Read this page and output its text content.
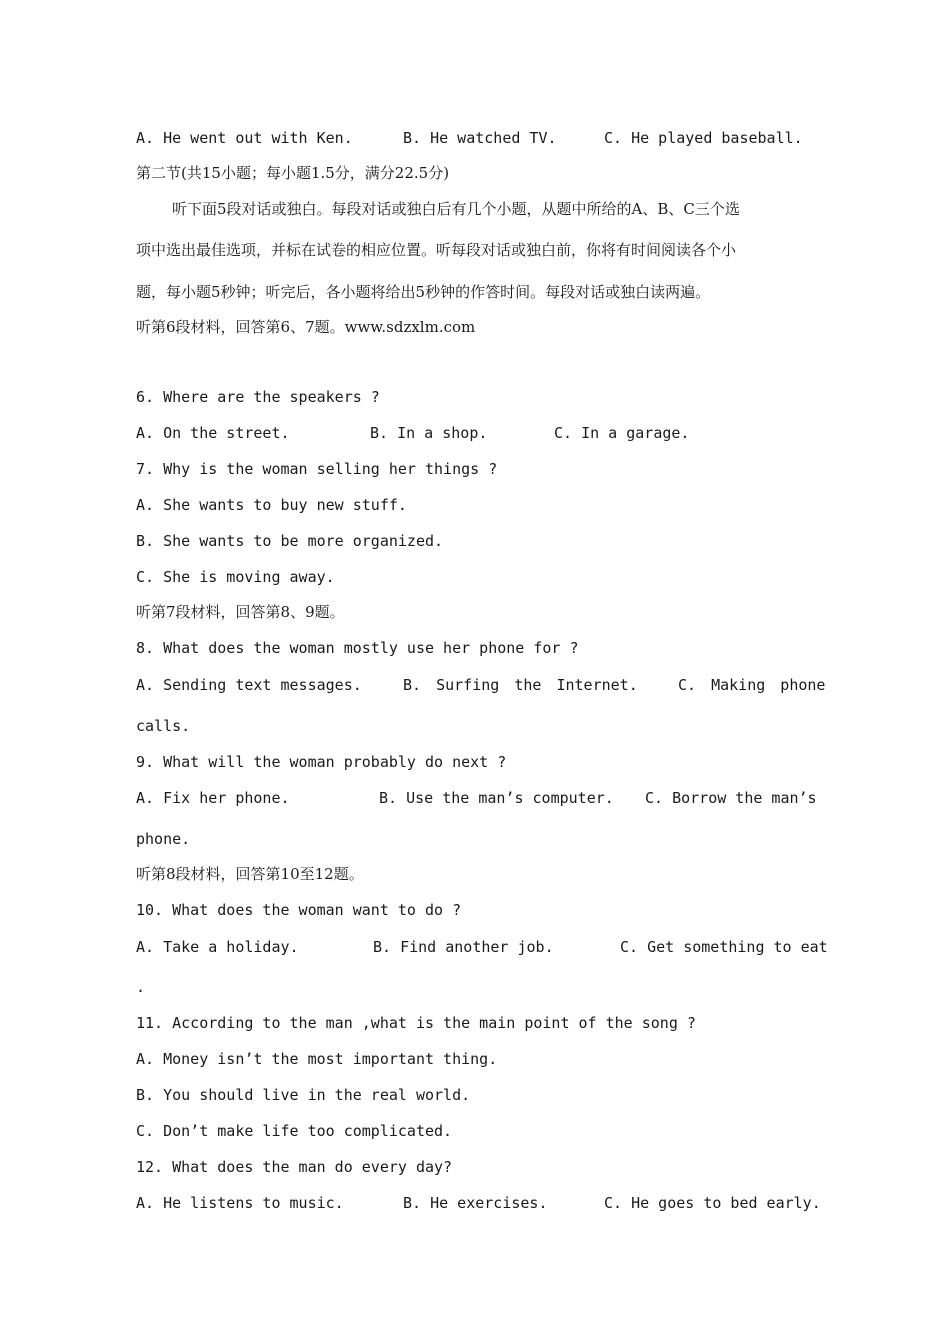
A. He went out with Ken.	B. He watched TV.	C. He played baseball.
第二节(共15小题；每小题1.5分，满分22.5分)
听下面5段对话或独白。每段对话或独白后有几个小题，从题中所给的A、B、C三个选
项中选出最佳选项，并标在试卷的相应位置。听每段对话或独白前，你将有时间阅读各个小
题，每小题5秒钟；听完后，各小题将给出5秒钟的作答时间。每段对话或独白读两遍。
听第6段材料，回答第6、7题。www.sdzxlm.com
6. Where are the speakers ?
A. On the street.	B. In a shop.	C. In a garage.
7. Why is the woman selling her things ?
A. She wants to buy new stuff.
B. She wants to be more organized.
C. She is moving away.
听第7段材料，回答第8、9题。
8. What does the woman mostly use her phone for ?
A. Sending text messages.	B. Surfing the Internet.	C. Making phone
calls.
9. What will the woman probably do next ?
A. Fix her phone.	B. Use the man’s computer. C. Borrow the man’s
phone.
听第8段材料，回答第10至12题。
10. What does the woman want to do ?
A. Take a holiday.	B. Find another job.	C. Get something to eat
.
11. According to the man ,what is the main point of the song ?
A. Money isn’t the most important thing.
B. You should live in the real world.
C. Don’t make life too complicated.
12. What does the man do every day?
A. He listens to music.	B. He exercises.	C. He goes to bed early.
